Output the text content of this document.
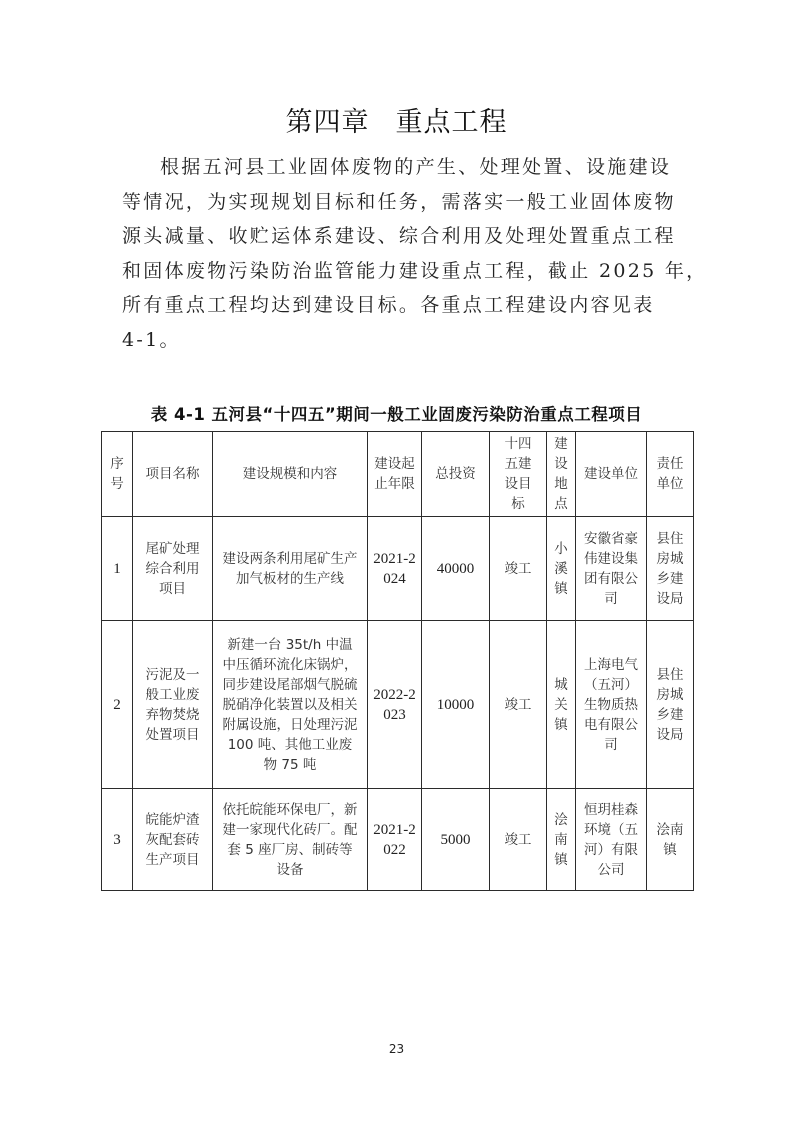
第四章 重点工程
根据五河县工业固体废物的产生、处理处置、设施建设
等情况，为实现规划目标和任务，需落实一般工业固体废物
源头减量、收贮运体系建设、综合利用及处理处置重点工程
和固体废物污染防治监管能力建设重点工程，截止 2025 年，
所有重点工程均达到建设目标。各重点工程建设内容见表
4-1。
表 4-1 五河县“十四五”期间一般工业固废污染防治重点工程项目
序号	项目名称	建设规模和内容	建设起止年限	总投资	十四五建设目标	建设地点	建设单位	责任单位
1	尾矿处理综合利用项目	建设两条利用尾矿生产加气板材的生产线	2021-2024	40000	竣工	小溪镇	安徽省豪伟建设集团有限公司	县住房城乡建设局
2	污泥及一般工业废弃物焚烧处置项目	新建一台 35t/h 中温中压循环流化床锅炉，同步建设尾部烟气脱硫脱硝净化装置以及相关附属设施，日处理污泥 100 吨、其他工业废物 75 吨	2022-2023	10000	竣工	城关镇	上海电气（五河）生物质热电有限公司	县住房城乡建设局
3	皖能炉渣灰配套砖生产项目	依托皖能环保电厂，新建一家现代化砖厂。配套 5 座厂房、制砖等设备	2021-2022	5000	竣工	浍南镇	恒玥桂森环境（五河）有限公司	浍南镇
23
